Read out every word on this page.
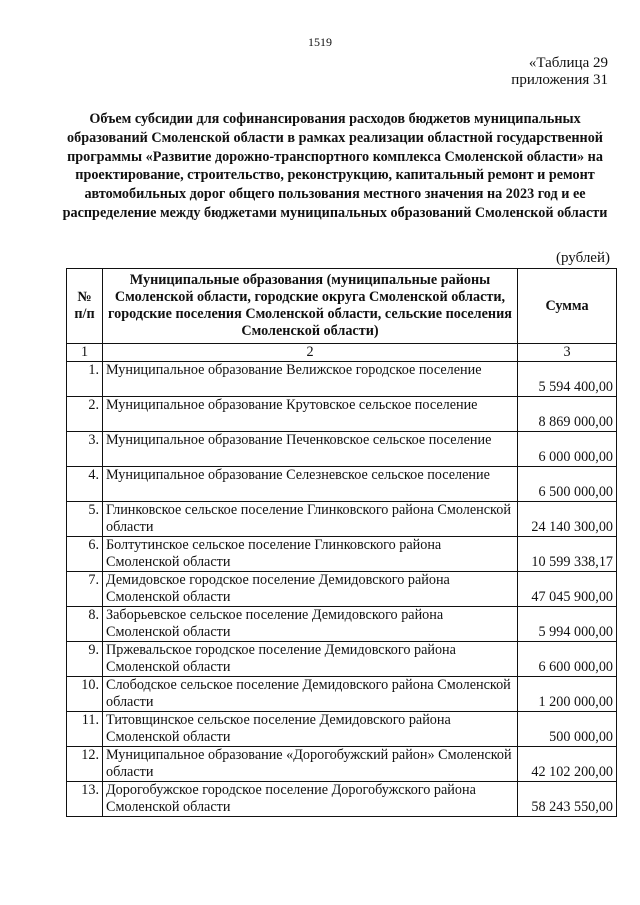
1519
«Таблица 29
приложения 31
Объем субсидии для софинансирования расходов бюджетов муниципальных образований Смоленской области в рамках реализации областной государственной программы «Развитие дорожно-транспортного комплекса Смоленской области» на проектирование, строительство, реконструкцию, капитальный ремонт и ремонт автомобильных дорог общего пользования местного значения на 2023 год и ее распределение между бюджетами муниципальных образований Смоленской области
(рублей)
№ п/п	Муниципальные образования (муниципальные районы Смоленской области, городские округа Смоленской области, городские поселения Смоленской области, сельские поселения Смоленской области)	Сумма
1	2	3
1.	Муниципальное образование Велижское городское поселение	5 594 400,00
2.	Муниципальное образование Крутовское сельское поселение	8 869 000,00
3.	Муниципальное образование Печенковское сельское поселение	6 000 000,00
4.	Муниципальное образование Селезневское сельское поселение	6 500 000,00
5.	Глинковское сельское поселение Глинковского района Смоленской области	24 140 300,00
6.	Болтутинское сельское поселение Глинковского района Смоленской области	10 599 338,17
7.	Демидовское городское поселение Демидовского района Смоленской области	47 045 900,00
8.	Заборьевское сельское поселение Демидовского района Смоленской области	5 994 000,00
9.	Пржевальское городское поселение Демидовского района Смоленской области	6 600 000,00
10.	Слободское сельское поселение Демидовского района Смоленской области	1 200 000,00
11.	Титовщинское сельское поселение Демидовского района Смоленской области	500 000,00
12.	Муниципальное образование «Дорогобужский район» Смоленской области	42 102 200,00
13.	Дорогобужское городское поселение Дорогобужского района Смоленской области	58 243 550,00
